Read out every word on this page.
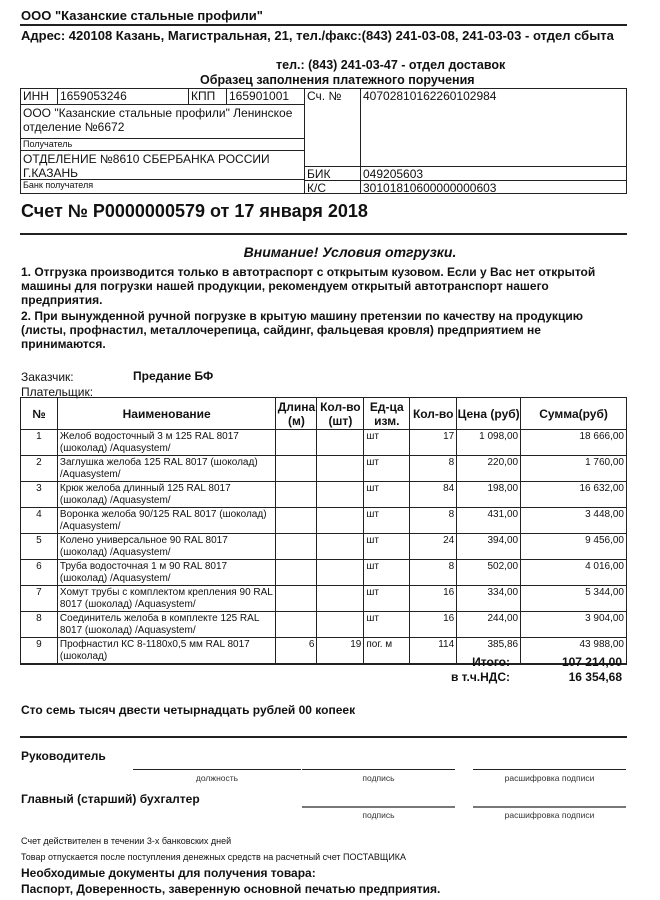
ООО "Казанские стальные профили"
Адрес: 420108 Казань, Магистральная, 21, тел./факс:(843) 241-03-08, 241-03-03 - отдел сбыта
тел.: (843) 241-03-47 - отдел доставок
Образец заполнения платежного поручения
ИНН 1659053246	КПП	165901001
ООО "Казанские стальные профили" Ленинское отделение №6672
Получатель
Сч. №	40702810162260102984
ОТДЕЛЕНИЕ №8610 СБЕРБАНКА РОССИИ Г.КАЗАНЬ
Банк получателя
БИК	049205603
К/С	30101810600000000603
Счет № Р0000000579 от 17 января 2018
Внимание! Условия отгрузки.
1. Отгрузка производится только в автотраспорт с открытым кузовом. Если у Вас нет открытой машины для погрузки нашей продукции, рекомендуем открытый автотранспорт нашего предприятия.
2. При вынужденной ручной погрузке в крытую машину претензии по качеству на продукцию (листы, профнастил, металлочерепица, сайдинг, фальцевая кровля) предприятием не принимаются.
Заказчик:	Предание БФ
Плательщик:
№	Наименование	Длина (м)	Кол-во (шт)	Ед-ца изм.	Кол-во	Цена (руб)	Сумма(руб)
1	Желоб водосточный 3 м 125 RAL 8017 (шоколад) /Aquasystem/			шт	17	1 098,00	18 666,00
2	Заглушка желоба 125 RAL 8017 (шоколад) /Aquasystem/			шт	8	220,00	1 760,00
3	Крюк желоба длинный 125 RAL 8017 (шоколад) /Aquasystem/			шт	84	198,00	16 632,00
4	Воронка желоба 90/125 RAL 8017 (шоколад) /Aquasystem/			шт	8	431,00	3 448,00
5	Колено универсальное 90 RAL 8017 (шоколад) /Aquasystem/			шт	24	394,00	9 456,00
6	Труба водосточная 1 м 90 RAL 8017 (шоколад) /Aquasystem/			шт	8	502,00	4 016,00
7	Хомут трубы с комплектом крепления 90 RAL 8017 (шоколад) /Aquasystem/			шт	16	334,00	5 344,00
8	Соединитель желоба в комплекте 125 RAL 8017 (шоколад) /Aquasystem/			шт	16	244,00	3 904,00
9	Профнастил КС 8-1180х0,5 мм RAL 8017 (шоколад)	6	19	пог. м	114	385,86	43 988,00
Итого:	107 214,00
в т.ч.НДС:	16 354,68
Сто семь тысяч двести четырнадцать рублей 00 копеек
Руководитель
должность	подпись	расшифровка подписи
Главный (старший) бухгалтер
подпись	расшифровка подписи
Счет действителен в течении 3-х банковских дней
Товар отпускается после поступления денежных средств на расчетный счет ПОСТАВЩИКА
Необходимые документы для получения товара:
Паспорт, Доверенность, заверенную основной печатью предприятия.
